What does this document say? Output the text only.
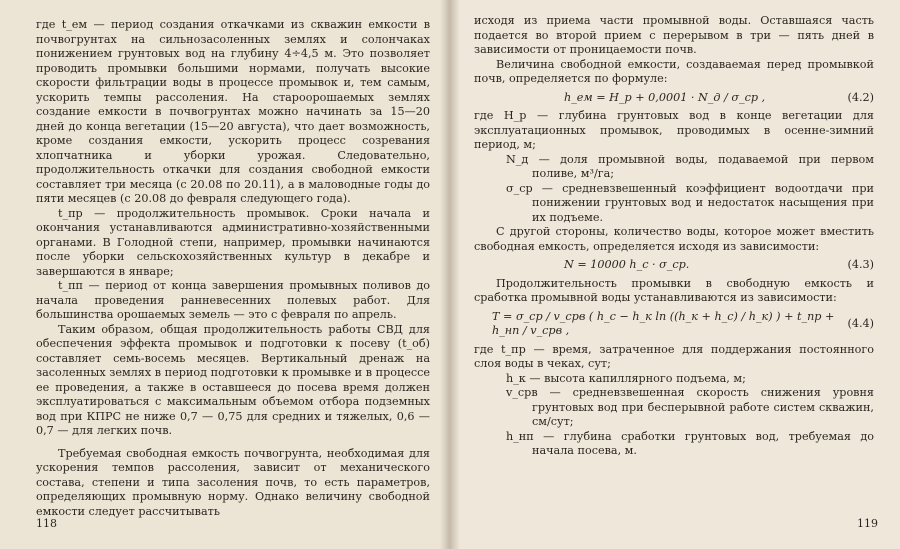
где t_ем — период создания откачками из скважин емкости в почвогрунтах на сильнозасоленных землях и солончаках понижением грунтовых вод на глубину 4÷4,5 м. Это позволяет проводить промывки большими нормами, получать высокие скорости фильтрации воды в процессе промывок и, тем самым, ускорить темпы рассоления. На староорошаемых землях создание емкости в почвогрунтах можно начинать за 15—20 дней до конца вегетации (15—20 августа), что дает возможность, кроме создания емкости, ускорить процесс созревания хлопчатника и уборки урожая. Следовательно, продолжительность откачки для создания свободной емкости составляет три месяца (с 20.08 по 20.11), а в маловодные годы до пяти месяцев (с 20.08 до февраля следующего года).

t_пр — продолжительность промывок. Сроки начала и окончания устанавливаются административно-хозяйственными органами. В Голодной степи, например, промывки начинаются после уборки сельскохозяйственных культур в декабре и завершаются в январе;

t_пп — период от конца завершения промывных поливов до начала проведения ранневесенних полевых работ. Для большинства орошаемых земель — это с февраля по апрель.

Таким образом, общая продолжительность работы СВД для обеспечения эффекта промывок и подготовки к посеву (t_об) составляет семь-восемь месяцев. Вертикальный дренаж на засоленных землях в период подготовки к промывке и в процессе ее проведения, а также в оставшееся до посева время должен эксплуатироваться с максимальным объемом отбора подземных вод при КПРС не ниже 0,7 — 0,75 для средних и тяжелых, 0,6 — 0,7 — для легких почв.

Требуемая свободная емкость почвогрунта, необходимая для ускорения темпов рассоления, зависит от механического состава, степени и типа засоления почв, то есть параметров, определяющих промывную норму. Однако величину свободной емкости следует рассчитывать

118

исходя из приема части промывной воды. Оставшаяся часть подается во второй прием с перерывом в три — пять дней в зависимости от проницаемости почв.

Величина свободной емкости, создаваемая перед промывкой почв, определяется по формуле:

h_ем = H_р + 0,0001 · N_д / σ_ср ,	(4.2)

где H_р — глубина грунтовых вод в конце вегетации для эксплуатационных промывок, проводимых в осенне-зимний период, м;

N_д — доля промывной воды, подаваемой при первом поливе, м³/га;

σ_ср — средневзвешенный коэффициент водоотдачи при понижении грунтовых вод и недостаток насыщения при их подъеме.

С другой стороны, количество воды, которое может вместить свободная емкость, определяется исходя из зависимости:

N = 10000 h_с · σ_ср.	(4.3)

Продолжительность промывки в свободную емкость и сработка промывной воды устанавливаются из зависимости:

T = σ_ср / v_срв ( h_с − h_к ln ((h_к + h_с) / h_к) ) + t_пр + h_нп / v_срв ,
(4.4)

где t_пр — время, затраченное для поддержания постоянного слоя воды в чеках, сут;

h_к — высота капиллярного подъема, м;

v_срв — средневзвешенная скорость снижения уровня грунтовых вод при бесперывной работе систем скважин, см/сут;

h_нп — глубина сработки грунтовых вод, требуемая до начала посева, м.

119
